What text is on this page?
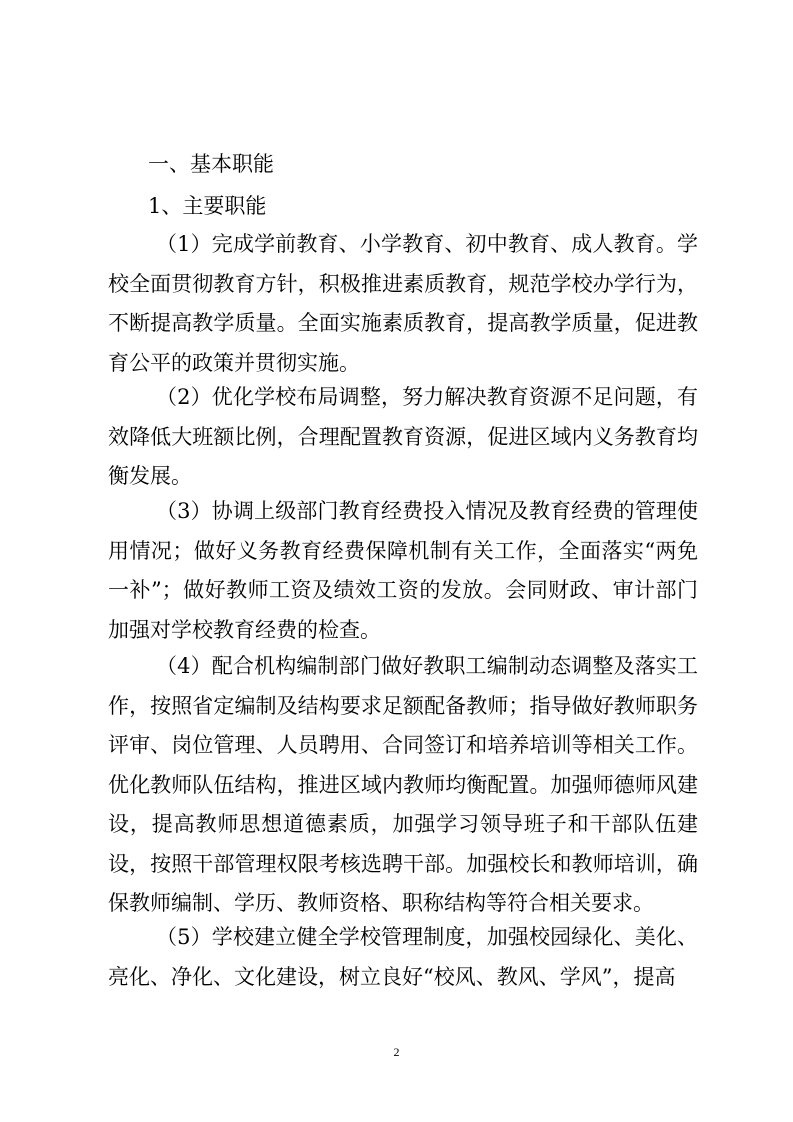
一、基本职能
1、主要职能

（1）完成学前教育、小学教育、初中教育、成人教育。学校全面贯彻教育方针，积极推进素质教育，规范学校办学行为，不断提高教学质量。全面实施素质教育，提高教学质量，促进教育公平的政策并贯彻实施。

（2）优化学校布局调整，努力解决教育资源不足问题，有效降低大班额比例，合理配置教育资源，促进区域内义务教育均衡发展。

（3）协调上级部门教育经费投入情况及教育经费的管理使用情况；做好义务教育经费保障机制有关工作，全面落实“两免一补”；做好教师工资及绩效工资的发放。会同财政、审计部门加强对学校教育经费的检查。

（4）配合机构编制部门做好教职工编制动态调整及落实工作，按照省定编制及结构要求足额配备教师；指导做好教师职务评审、岗位管理、人员聘用、合同签订和培养培训等相关工作。优化教师队伍结构，推进区域内教师均衡配置。加强师德师风建设，提高教师思想道德素质，加强学习领导班子和干部队伍建设，按照干部管理权限考核选聘干部。加强校长和教师培训，确保教师编制、学历、教师资格、职称结构等符合相关要求。

（5）学校建立健全学校管理制度，加强校园绿化、美化、亮化、净化、文化建设，树立良好“校风、教风、学风”，提高

2
